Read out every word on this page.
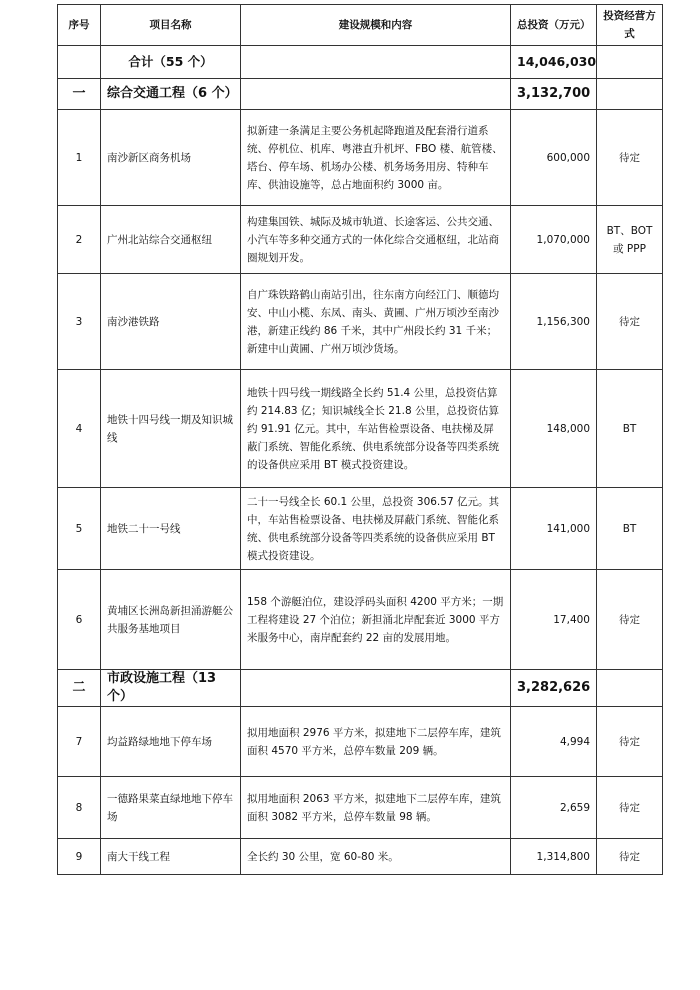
序号	项目名称	建设规模和内容	总投资（万元）	投资经营方式
	合计（55 个）		14,046,030	
一	综合交通工程（6 个）		3,132,700	
1	南沙新区商务机场	拟新建一条满足主要公务机起降跑道及配套滑行道系统、停机位、机库、粤港直升机坪、FBO 楼、航管楼、塔台、停车场、机场办公楼、机务场务用房、特种车库、供油设施等，总占地面积约 3000 亩。	600,000	待定
2	广州北站综合交通枢纽	构建集国铁、城际及城市轨道、长途客运、公共交通、小汽车等多种交通方式的一体化综合交通枢纽，北站商圈规划开发。	1,070,000	BT、BOT 或 PPP
3	南沙港铁路	自广珠铁路鹤山南站引出，往东南方向经江门、顺德均安、中山小榄、东凤、南头、黄圃、广州万顷沙至南沙港，新建正线约 86 千米，其中广州段长约 31 千米；新建中山黄圃、广州万顷沙货场。	1,156,300	待定
4	地铁十四号线一期及知识城线	地铁十四号线一期线路全长约 51.4 公里，总投资估算约 214.83 亿；知识城线全长 21.8 公里，总投资估算约 91.91 亿元。其中，车站售检票设备、电扶梯及屏蔽门系统、智能化系统、供电系统部分设备等四类系统的设备供应采用 BT 模式投资建设。	148,000	BT
5	地铁二十一号线	二十一号线全长 60.1 公里，总投资 306.57 亿元。其中，车站售检票设备、电扶梯及屏蔽门系统、智能化系统、供电系统部分设备等四类系统的设备供应采用 BT 模式投资建设。	141,000	BT
6	黄埔区长洲岛新担涌游艇公共服务基地项目	158 个游艇泊位，建设浮码头面积 4200 平方米；一期工程将建设 27 个泊位；新担涌北岸配套近 3000 平方米服务中心，南岸配套约 22 亩的发展用地。	17,400	待定
二	市政设施工程（13 个）		3,282,626	
7	均益路绿地地下停车场	拟用地面积 2976 平方米，拟建地下二层停车库，建筑面积 4570 平方米，总停车数量 209 辆。	4,994	待定
8	一德路果菜直绿地地下停车场	拟用地面积 2063 平方米，拟建地下二层停车库，建筑面积 3082 平方米，总停车数量 98 辆。	2,659	待定
9	南大干线工程	全长约 30 公里，宽 60-80 米。	1,314,800	待定
